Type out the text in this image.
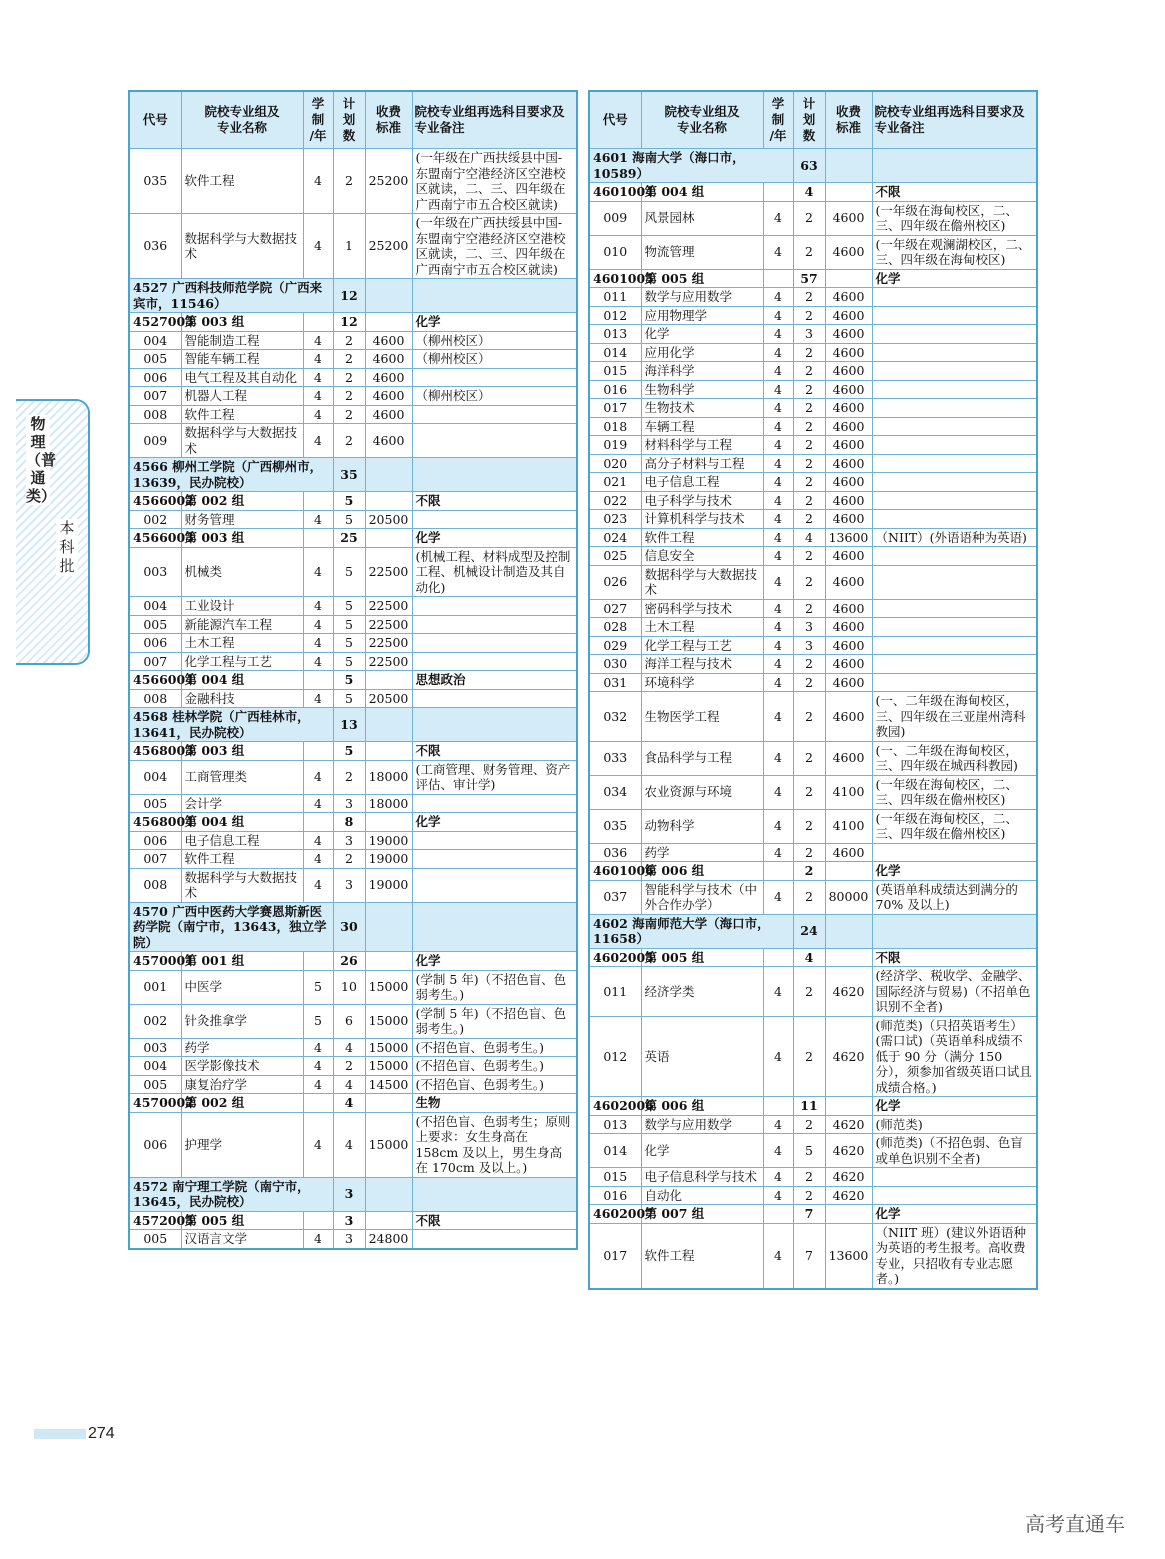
代号	院校专业组及
专业名称	学
制
/年	计
划
数	收费
标准	院校专业组再选科目要求及
专业备注
035	软件工程	4	2	25200	(一年级在广西扶绥县中国-东盟南宁空港经济区空港校区就读，二、三、四年级在广西南宁市五合校区就读)
036	数据科学与大数据技术	4	1	25200	(一年级在广西扶绥县中国-东盟南宁空港经济区空港校区就读，二、三、四年级在广西南宁市五合校区就读)
4527 广西科技师范学院（广西来宾市，11546）			12		
4527003	第 003 组		12		化学
004	智能制造工程	4	2	4600	（柳州校区）
005	智能车辆工程	4	2	4600	（柳州校区）
006	电气工程及其自动化	4	2	4600	
007	机器人工程	4	2	4600	（柳州校区）
008	软件工程	4	2	4600	
009	数据科学与大数据技术	4	2	4600	
4566 柳州工学院（广西柳州市，13639，民办院校）			35		
4566002	第 002 组		5		不限
002	财务管理	4	5	20500	
4566003	第 003 组		25		化学
003	机械类	4	5	22500	(机械工程、材料成型及控制工程、机械设计制造及其自动化)
004	工业设计	4	5	22500	
005	新能源汽车工程	4	5	22500	
006	土木工程	4	5	22500	
007	化学工程与工艺	4	5	22500	
4566004	第 004 组		5		思想政治
008	金融科技	4	5	20500	
4568 桂林学院（广西桂林市，13641，民办院校）			13		
4568003	第 003 组		5		不限
004	工商管理类	4	2	18000	(工商管理、财务管理、资产评估、审计学)
005	会计学	4	3	18000	
4568004	第 004 组		8		化学
006	电子信息工程	4	3	19000	
007	软件工程	4	2	19000	
008	数据科学与大数据技术	4	3	19000	
4570 广西中医药大学赛恩斯新医药学院（南宁市，13643，独立学院）			30		
4570001	第 001 组		26		化学
001	中医学	5	10	15000	(学制 5 年)（不招色盲、色弱考生。)
002	针灸推拿学	5	6	15000	(学制 5 年)（不招色盲、色弱考生。)
003	药学	4	4	15000	(不招色盲、色弱考生。)
004	医学影像技术	4	2	15000	(不招色盲、色弱考生。)
005	康复治疗学	4	4	14500	(不招色盲、色弱考生。)
4570002	第 002 组		4		生物
006	护理学	4	4	15000	(不招色盲、色弱考生；原则上要求：女生身高在 158cm 及以上，男生身高在 170cm 及以上。)
4572 南宁理工学院（南宁市，13645，民办院校）			3		
4572005	第 005 组		3		不限
005	汉语言文学	4	3	24800	
代号	院校专业组及
专业名称	学
制
/年	计
划
数	收费
标准	院校专业组再选科目要求及
专业备注
4601 海南大学（海口市，10589）			63		
4601004	第 004 组		4		不限
009	风景园林	4	2	4600	(一年级在海甸校区，二、三、四年级在儋州校区)
010	物流管理	4	2	4600	(一年级在观澜湖校区，二、三、四年级在海甸校区)
4601005	第 005 组		57		化学
011	数学与应用数学	4	2	4600	
012	应用物理学	4	2	4600	
013	化学	4	3	4600	
014	应用化学	4	2	4600	
015	海洋科学	4	2	4600	
016	生物科学	4	2	4600	
017	生物技术	4	2	4600	
018	车辆工程	4	2	4600	
019	材料科学与工程	4	2	4600	
020	高分子材料与工程	4	2	4600	
021	电子信息工程	4	2	4600	
022	电子科学与技术	4	2	4600	
023	计算机科学与技术	4	2	4600	
024	软件工程	4	4	13600	（NIIT）(外语语种为英语)
025	信息安全	4	2	4600	
026	数据科学与大数据技术	4	2	4600	
027	密码科学与技术	4	2	4600	
028	土木工程	4	3	4600	
029	化学工程与工艺	4	3	4600	
030	海洋工程与技术	4	2	4600	
031	环境科学	4	2	4600	
032	生物医学工程	4	2	4600	(一、二年级在海甸校区，三、四年级在三亚崖州湾科教园)
033	食品科学与工程	4	2	4600	(一、二年级在海甸校区，三、四年级在城西科教园)
034	农业资源与环境	4	2	4100	(一年级在海甸校区，二、三、四年级在儋州校区)
035	动物科学	4	2	4100	(一年级在海甸校区，二、三、四年级在儋州校区)
036	药学	4	2	4600	
4601006	第 006 组		2		化学
037	智能科学与技术（中外合作办学）	4	2	80000	(英语单科成绩达到满分的 70% 及以上)
4602 海南师范大学（海口市，11658）			24		
4602005	第 005 组		4		不限
011	经济学类	4	2	4620	(经济学、税收学、金融学、国际经济与贸易)（不招单色识别不全者)
012	英语	4	2	4620	(师范类)（只招英语考生）(需口试)（英语单科成绩不低于 90 分（满分 150 分），须参加省级英语口试且成绩合格。)
4602006	第 006 组		11		化学
013	数学与应用数学	4	2	4620	(师范类)
014	化学	4	5	4620	(师范类)（不招色弱、色盲或单色识别不全者)
015	电子信息科学与技术	4	2	4620	
016	自动化	4	2	4620	
4602007	第 007 组		7		化学
017	软件工程	4	7	13600	（NIIT 班）(建议外语语种为英语的考生报考。高收费专业，只招收有专业志愿者。)
物理（普通类）
本科批
274
高考直通车
